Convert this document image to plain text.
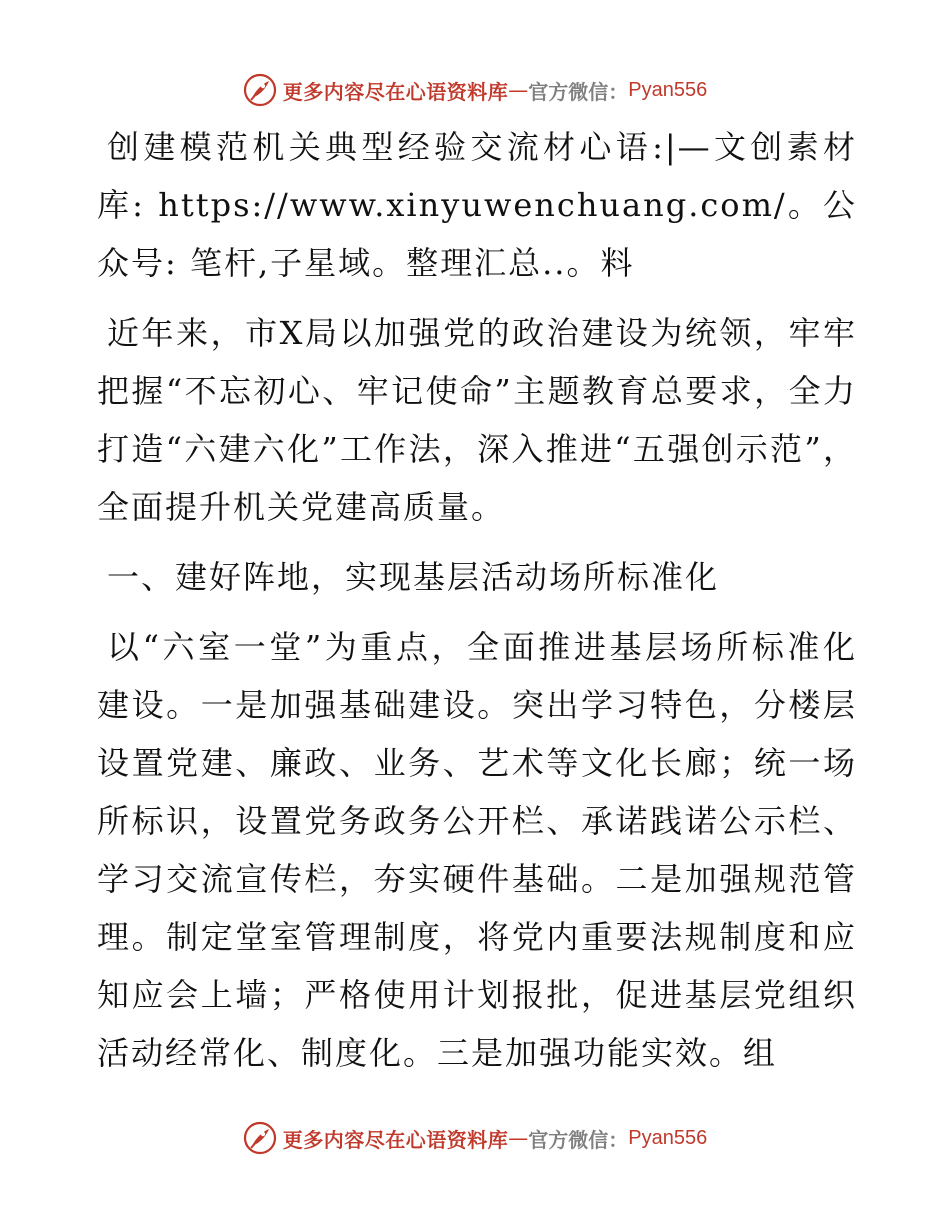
更多内容尽在心语资料库 — 官方微信： Pyan556

创建模范机关典型经验交流材心语:|—文创素材库: https://www.xinyuwenchuang.com/。公众号: 笔杆,子星域。整理汇总..。料

近年来，市X局以加强党的政治建设为统领，牢牢把握“不忘初心、牢记使命”主题教育总要求，全力打造“六建六化”工作法，深入推进“五强创示范”，全面提升机关党建高质量。

一、建好阵地，实现基层活动场所标准化

以“六室一堂”为重点，全面推进基层场所标准化建设。一是加强基础建设。突出学习特色，分楼层设置党建、廉政、业务、艺术等文化长廊；统一场所标识，设置党务政务公开栏、承诺践诺公示栏、学习交流宣传栏，夯实硬件基础。二是加强规范管理。制定堂室管理制度，将党内重要法规制度和应知应会上墙；严格使用计划报批，促进基层党组织活动经常化、制度化。三是加强功能实效。组

更多内容尽在心语资料库 — 官方微信： Pyan556
